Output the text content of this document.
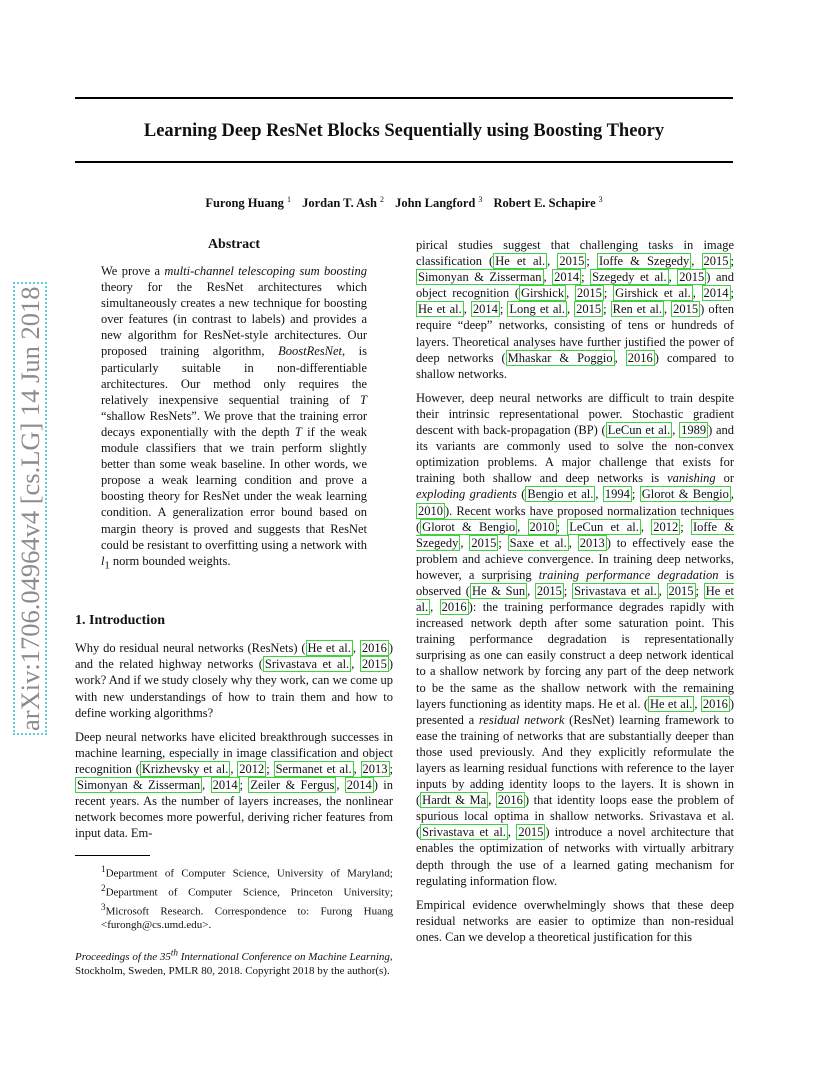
arXiv:1706.04964v4 [cs.LG] 14 Jun 2018
Learning Deep ResNet Blocks Sequentially using Boosting Theory
Furong Huang $^1$ Jordan T. Ash $^2$ John Langford $^3$ Robert E. Schapire $^3$
Abstract

We prove a multi-channel telescoping sum boosting theory for the ResNet architectures which simultaneously creates a new technique for boosting over features (in contrast to labels) and provides a new algorithm for ResNet-style architectures. Our proposed training algorithm, BoostResNet, is particularly suitable in non-differentiable architectures. Our method only requires the relatively inexpensive sequential training of T “shallow ResNets”. We prove that the training error decays exponentially with the depth T if the weak module classifiers that we train perform slightly better than some weak baseline. In other words, we propose a weak learning condition and prove a boosting theory for ResNet under the weak learning condition. A generalization error bound based on margin theory is proved and suggests that ResNet could be resistant to overfitting using a network with $l_1$ norm bounded weights.

1. Introduction

Why do residual neural networks (ResNets) ( He et al. , 2016 ) and the related highway networks ( Srivastava et al. , 2015 ) work? And if we study closely why they work, can we come up with new understandings of how to train them and how to define working algorithms?

Deep neural networks have elicited breakthrough successes in machine learning, especially in image classification and object recognition ( Krizhevsky et al. , 2012 ; Sermanet et al. , 2013 ; Simonyan & Zisserman , 2014 ; Zeiler & Fergus , 2014 ) in recent years. As the number of layers increases, the nonlinear network becomes more powerful, deriving richer features from input data. Em-

$^1$Department of Computer Science, University of Maryland; $^2$Department of Computer Science, Princeton University; $^3$Microsoft Research. Correspondence to: Furong Huang <furongh@cs.umd.edu>.

Proceedings of the 35th International Conference on Machine Learning, Stockholm, Sweden, PMLR 80, 2018. Copyright 2018 by the author(s).

pirical studies suggest that challenging tasks in image classification ( He et al. , 2015 ; Ioffe & Szegedy , 2015 ; Simonyan & Zisserman , 2014 ; Szegedy et al. , 2015 ) and object recognition ( Girshick , 2015 ; Girshick et al. , 2014 ; He et al. , 2014 ; Long et al. , 2015 ; Ren et al. , 2015 ) often require “deep” networks, consisting of tens or hundreds of layers. Theoretical analyses have further justified the power of deep networks ( Mhaskar & Poggio , 2016 ) compared to shallow networks.

However, deep neural networks are difficult to train despite their intrinsic representational power. Stochastic gradient descent with back-propagation (BP) ( LeCun et al. , 1989 ) and its variants are commonly used to solve the non-convex optimization problems. A major challenge that exists for training both shallow and deep networks is vanishing or exploding gradients ( Bengio et al. , 1994 ; Glorot & Bengio , 2010 ). Recent works have proposed normalization techniques ( Glorot & Bengio , 2010 ; LeCun et al. , 2012 ; Ioffe & Szegedy , 2015 ; Saxe et al. , 2013 ) to effectively ease the problem and achieve convergence. In training deep networks, however, a surprising training performance degradation is observed ( He & Sun , 2015 ; Srivastava et al. , 2015 ; He et al. , 2016 ): the training performance degrades rapidly with increased network depth after some saturation point. This training performance degradation is representationally surprising as one can easily construct a deep network identical to a shallow network by forcing any part of the deep network to be the same as the shallow network with the remaining layers functioning as identity maps. He et al. ( He et al. , 2016 ) presented a residual network (ResNet) learning framework to ease the training of networks that are substantially deeper than those used previously. And they explicitly reformulate the layers as learning residual functions with reference to the layer inputs by adding identity loops to the layers. It is shown in ( Hardt & Ma , 2016 ) that identity loops ease the problem of spurious local optima in shallow networks. Srivastava et al. ( Srivastava et al. , 2015 ) introduce a novel architecture that enables the optimization of networks with virtually arbitrary depth through the use of a learned gating mechanism for regulating information flow.

Empirical evidence overwhelmingly shows that these deep residual networks are easier to optimize than non-residual ones. Can we develop a theoretical justification for this
